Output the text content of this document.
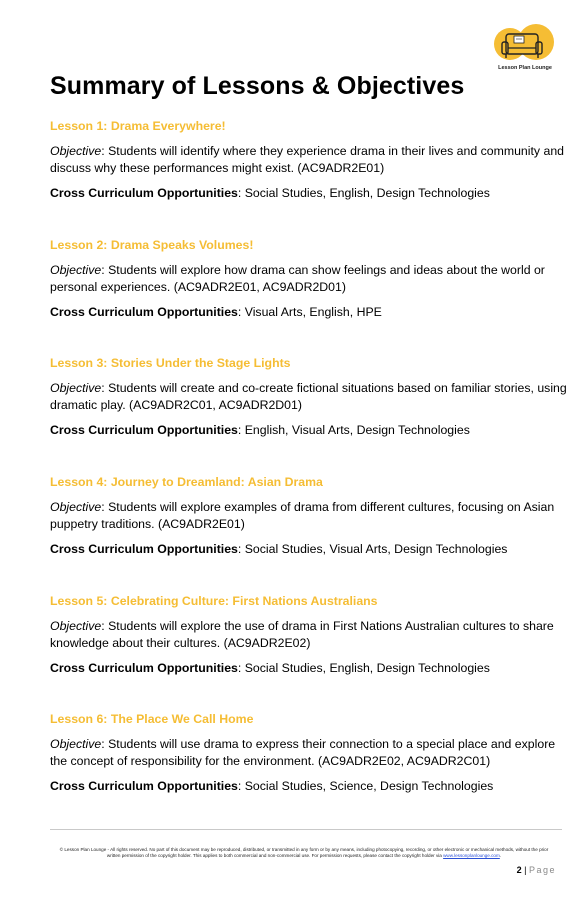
Lesson Plan Lounge
Summary of Lessons & Objectives
Lesson 1: Drama Everywhere!
Objective: Students will identify where they experience drama in their lives and community and discuss why these performances might exist. (AC9ADR2E01)
Cross Curriculum Opportunities: Social Studies, English, Design Technologies
Lesson 2: Drama Speaks Volumes!
Objective: Students will explore how drama can show feelings and ideas about the world or personal experiences. (AC9ADR2E01, AC9ADR2D01)
Cross Curriculum Opportunities: Visual Arts, English, HPE
Lesson 3: Stories Under the Stage Lights
Objective: Students will create and co-create fictional situations based on familiar stories, using dramatic play. (AC9ADR2C01, AC9ADR2D01)
Cross Curriculum Opportunities: English, Visual Arts, Design Technologies
Lesson 4: Journey to Dreamland: Asian Drama
Objective: Students will explore examples of drama from different cultures, focusing on Asian puppetry traditions. (AC9ADR2E01)
Cross Curriculum Opportunities: Social Studies, Visual Arts, Design Technologies
Lesson 5: Celebrating Culture: First Nations Australians
Objective: Students will explore the use of drama in First Nations Australian cultures to share knowledge about their cultures. (AC9ADR2E02)
Cross Curriculum Opportunities: Social Studies, English, Design Technologies
Lesson 6: The Place We Call Home
Objective: Students will use drama to express their connection to a special place and explore the concept of responsibility for the environment. (AC9ADR2E02, AC9ADR2C01)
Cross Curriculum Opportunities: Social Studies, Science, Design Technologies
© Lesson Plan Lounge - All rights reserved. No part of this document may be reproduced, distributed, or transmitted in any form or by any means, including photocopying, recording, or other electronic or mechanical methods, without the prior written permission of the copyright holder. This applies to both commercial and non-commercial use. For permission requests, please contact the copyright holder via www.lessonplanlounge.com.
2 | Page
